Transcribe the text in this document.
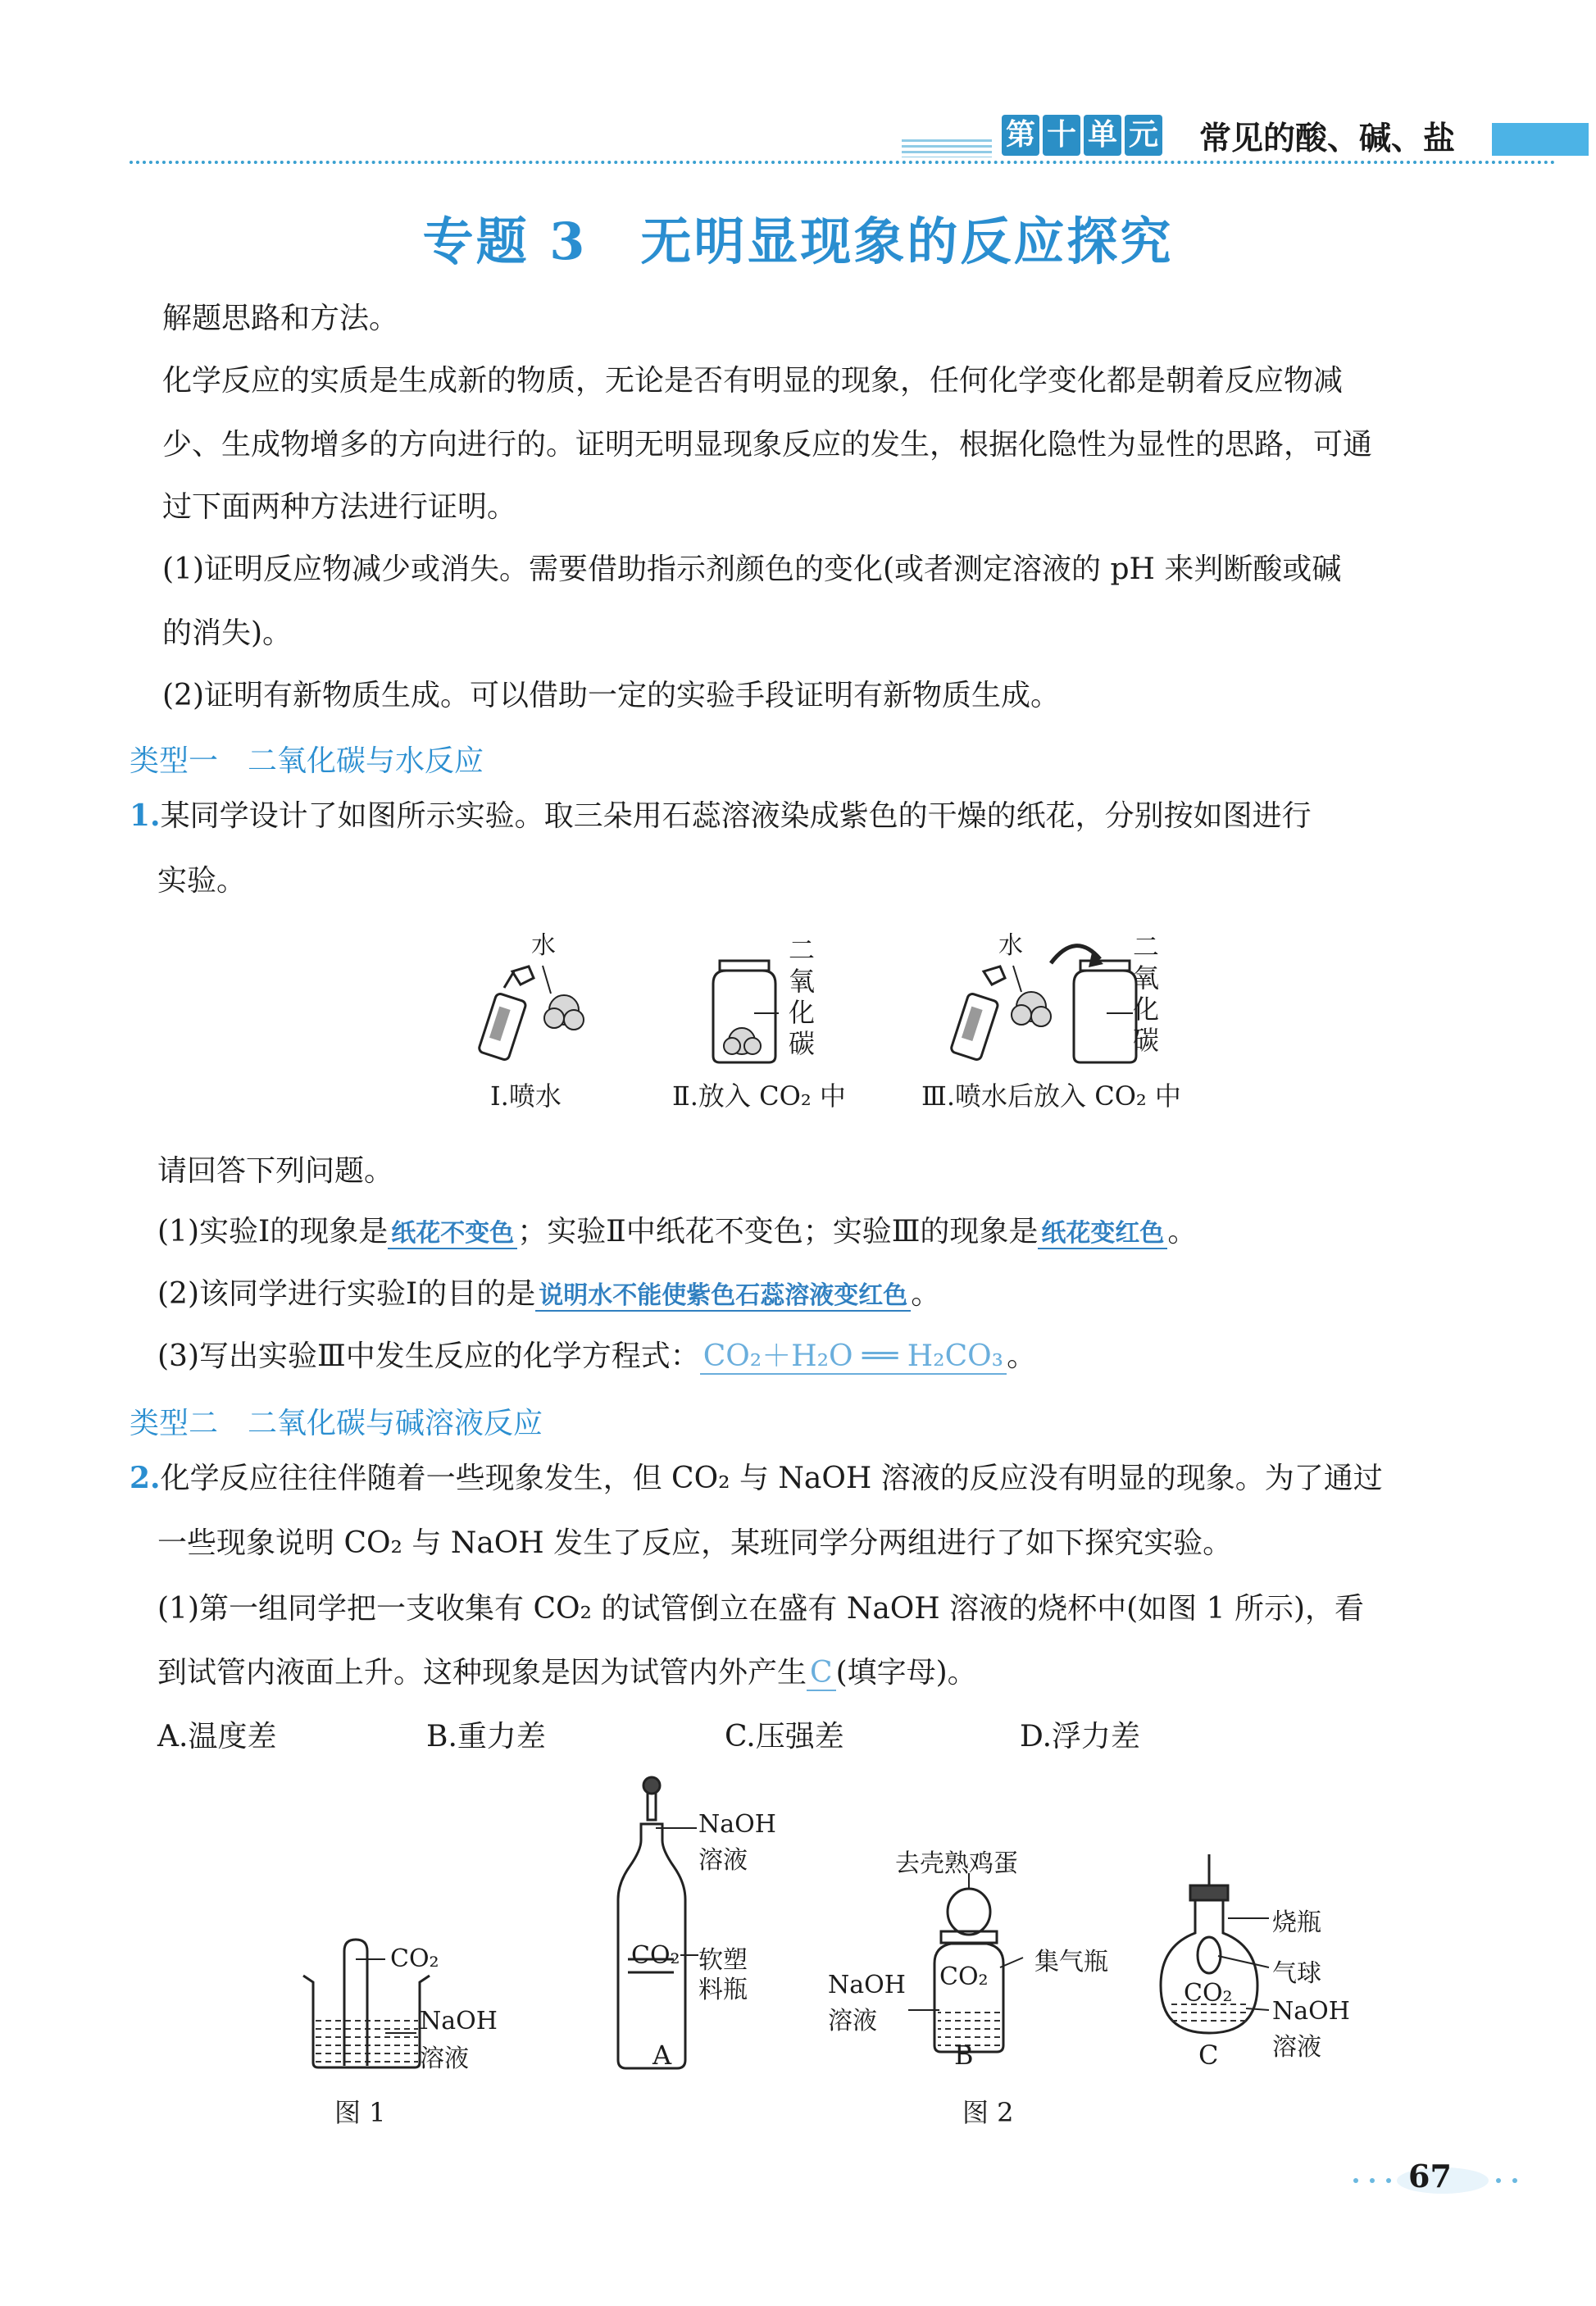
第 十 单 元 常见的酸、碱、盐
专题 3　无明显现象的反应探究
解题思路和方法。
化学反应的实质是生成新的物质，无论是否有明显的现象，任何化学变化都是朝着反应物减
少、生成物增多的方向进行的。证明无明显现象反应的发生，根据化隐性为显性的思路，可通
过下面两种方法进行证明。
(1)证明反应物减少或消失。需要借助指示剂颜色的变化(或者测定溶液的 pH 来判断酸或碱
的消失)。
(2)证明有新物质生成。可以借助一定的实验手段证明有新物质生成。
类型一　二氧化碳与水反应
1.某同学设计了如图所示实验。取三朵用石蕊溶液染成紫色的干燥的纸花，分别按如图进行
实验。
水	水
二氧化碳
二氧化碳
Ⅰ.喷水	Ⅱ.放入 CO₂ 中	Ⅲ.喷水后放入 CO₂ 中
请回答下列问题。
(1)实验Ⅰ的现象是 纸花不变色 ；实验Ⅱ中纸花不变色；实验Ⅲ的现象是 纸花变红色 。
(2)该同学进行实验Ⅰ的目的是 说明水不能使紫色石蕊溶液变红色 。
(3)写出实验Ⅲ中发生反应的化学方程式： CO₂＋H₂O ══ H₂CO₃ 。
类型二　二氧化碳与碱溶液反应
2.化学反应往往伴随着一些现象发生，但 CO₂ 与 NaOH 溶液的反应没有明显的现象。为了通过
一些现象说明 CO₂ 与 NaOH 发生了反应，某班同学分两组进行了如下探究实验。
(1)第一组同学把一支收集有 CO₂ 的试管倒立在盛有 NaOH 溶液的烧杯中(如图 1 所示)，看
到试管内液面上升。这种现象是因为试管内外产生 C (填字母)。
A.温度差	B.重力差	C.压强差	D.浮力差
CO₂
NaOH
溶液
图 1
NaOH
溶液
CO₂ 软塑
料瓶
A
去壳熟鸡蛋
集气瓶
CO₂
NaOH
溶液
B
烧瓶
气球
CO₂
NaOH
溶液
C
图 2
67
